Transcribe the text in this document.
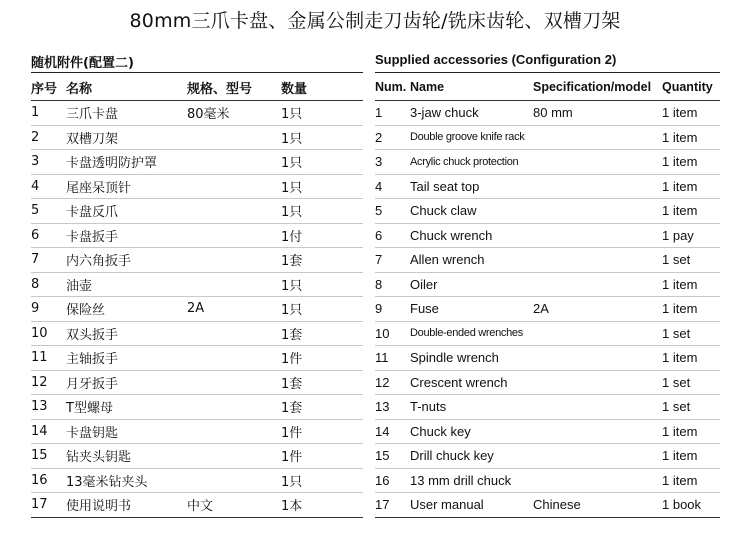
80mm三爪卡盘、金属公制走刀齿轮/铣床齿轮、双槽刀架
随机附件(配置二)	Supplied accessories (Configuration 2)
序号	名称	规格、型号	数量
1	三爪卡盘	80毫米	1只
2	双槽刀架		1只
3	卡盘透明防护罩		1只
4	尾座呆顶针		1只
5	卡盘反爪		1只
6	卡盘扳手		1付
7	内六角扳手		1套
8	油壶		1只
9	保险丝	2A	1只
10	双头扳手		1套
11	主轴扳手		1件
12	月牙扳手		1套
13	T型螺母		1套
14	卡盘钥匙		1件
15	钻夹头钥匙		1件
16	13毫米钻夹头		1只
17	使用说明书	中文	1本
Num.	Name	Specification/model	Quantity
1	3-jaw chuck	80 mm	1 item
2	Double groove knife rack		1 item
3	Acrylic chuck protection		1 item
4	Tail seat top		1 item
5	Chuck claw		1 item
6	Chuck wrench		1 pay
7	Allen wrench		1 set
8	Oiler		1 item
9	Fuse	2A	1 item
10	Double-ended wrenches		1 set
11	Spindle wrench		1 item
12	Crescent wrench		1 set
13	T-nuts		1 set
14	Chuck key		1 item
15	Drill chuck key		1 item
16	13 mm drill chuck		1 item
17	User manual	Chinese	1 book
